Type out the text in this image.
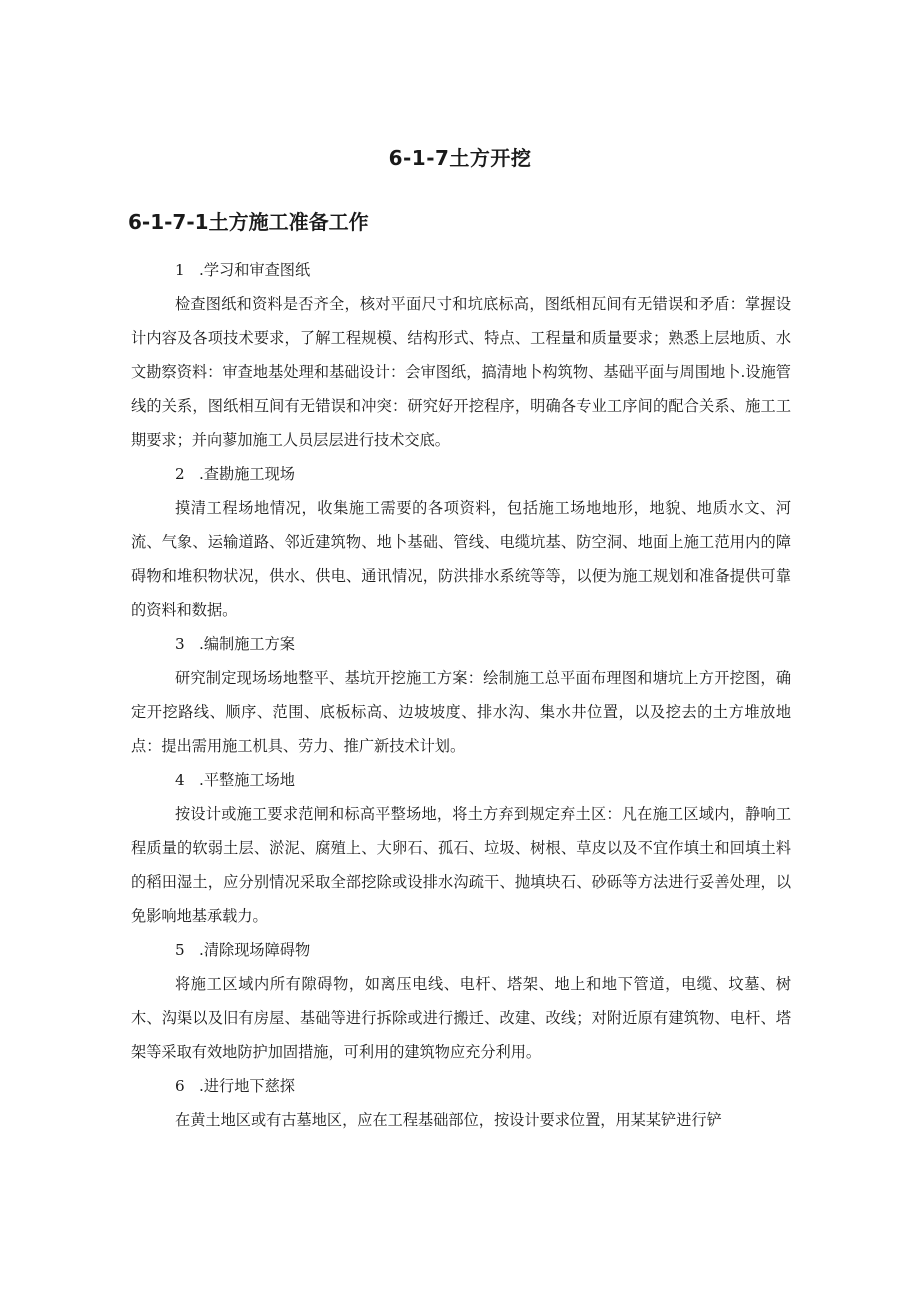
6-1-7土方开挖
6-1-7-1土方施工准备工作

1 .学习和审查图纸

检查图纸和资料是否齐全，核对平面尺寸和坑底标高，图纸相瓦间有无错误和矛盾：掌握设计内容及各项技术要求，了解工程规模、结构形式、特点、工程量和质量要求；熟悉上层地质、水文勘察资料：审查地基处理和基础设计：会审图纸，搞清地卜构筑物、基础平面与周围地卜.设施管线的关系，图纸相互间有无错误和冲突：研究好开挖程序，明确各专业工序间的配合关系、施工工期要求；并向蓼加施工人员层层进行技术交底。

2 .查勘施工现场

摸清工程场地情况，收集施工需要的各项资料，包括施工场地地形，地貌、地质水文、河流、气象、运输道路、邻近建筑物、地卜基础、管线、电缆坑基、防空洞、地面上施工范用内的障碍物和堆积物状况，供水、供电、通讯情况，防洪排水系统等等，以便为施工规划和准备提供可靠的资料和数据。

3 .编制施工方案

研究制定现场场地整平、基坑开挖施工方案：绘制施工总平面布理图和塘坑上方开挖图，确定开挖路线、顺序、范围、底板标高、边坡坡度、排水沟、集水井位置，以及挖去的土方堆放地点：提出需用施工机具、劳力、推广新技术计划。

4 .平整施工场地

按设计或施工要求范闸和标高平整场地，将土方弃到规定弃土区：凡在施工区域内，静响工程质量的软弱土层、淤泥、腐殖上、大卵石、孤石、垃圾、树根、草皮以及不宜作填土和回填土料的稻田湿土，应分别情况采取全部挖除或设排水沟疏干、抛填块石、砂砾等方法进行妥善处理，以免影响地基承载力。

5 .清除现场障碍物

将施工区域内所有隙碍物，如离压电线、电杆、塔架、地上和地下管道，电缆、坟墓、树木、沟渠以及旧有房屋、基础等进行拆除或进行搬迁、改建、改线；对附近原有建筑物、电杆、塔架等采取有效地防护加固措施，可利用的建筑物应充分利用。

6 .进行地下慈探

在黄土地区或有古墓地区，应在工程基础部位，按设计要求位置，用某某铲进行铲
